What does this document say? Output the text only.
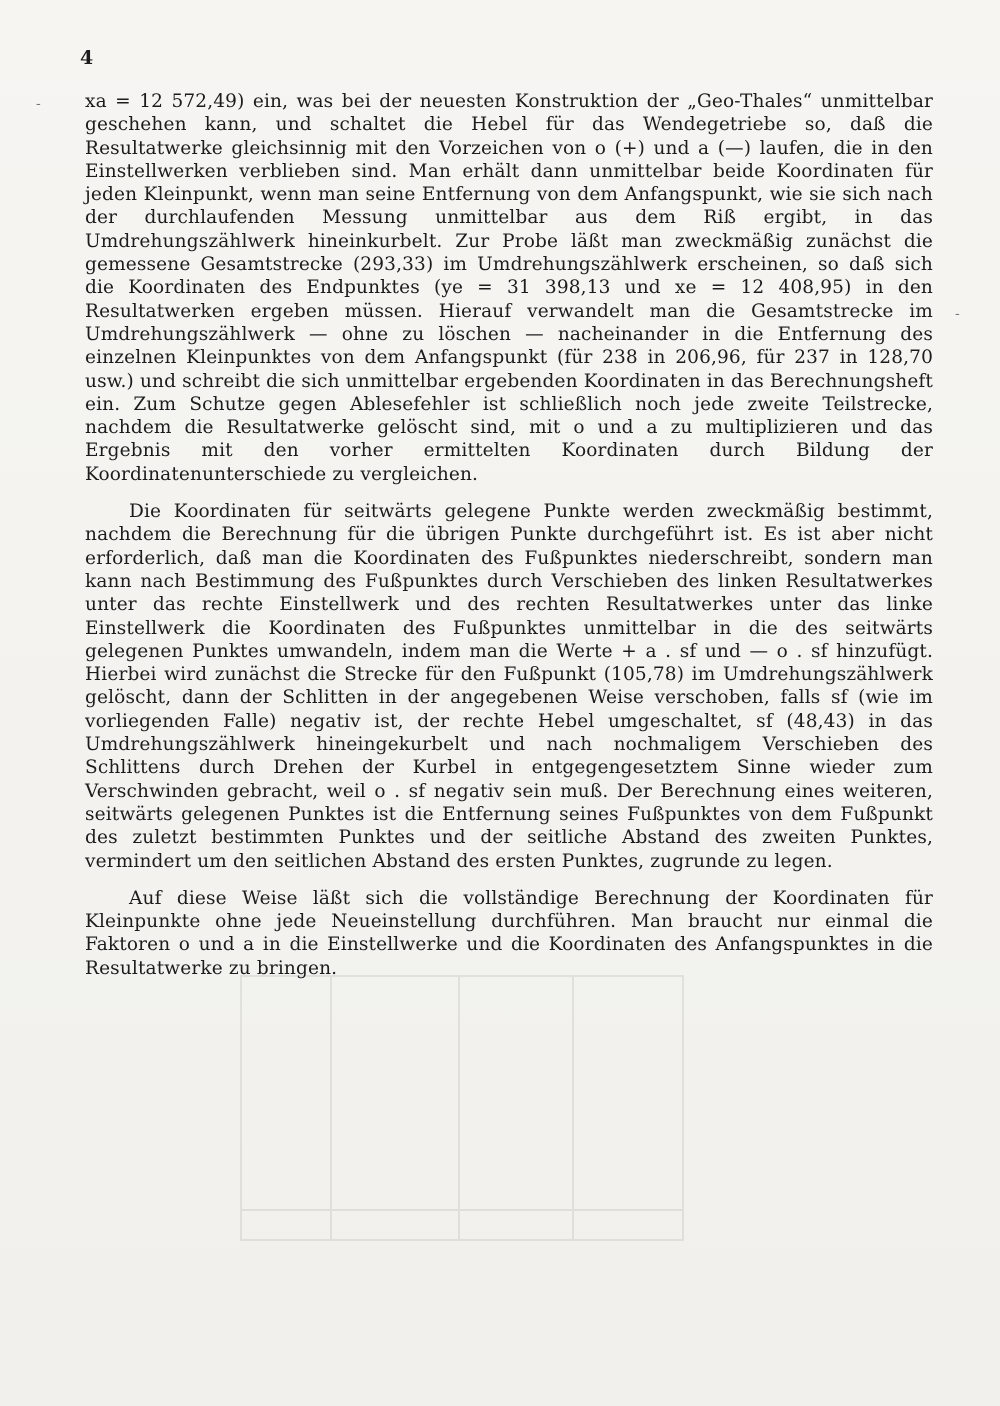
4
-
-

xa = 12 572,49) ein, was bei der neuesten Konstruktion der „Geo-Thales“ unmittelbar geschehen kann, und schaltet die Hebel für das Wendegetriebe so, daß die Resultatwerke gleichsinnig mit den Vorzeichen von o (+) und a (—) laufen, die in den Einstellwerken verblieben sind. Man erhält dann unmittelbar beide Koordinaten für jeden Kleinpunkt, wenn man seine Entfernung von dem Anfangspunkt, wie sie sich nach der durchlaufenden Messung unmittelbar aus dem Riß ergibt, in das Umdrehungszählwerk hineinkurbelt. Zur Probe läßt man zweckmäßig zunächst die gemessene Gesamtstrecke (293,33) im Umdrehungszählwerk erscheinen, so daß sich die Koordinaten des Endpunktes (ye = 31 398,13 und xe = 12 408,95) in den Resultatwerken ergeben müssen. Hierauf verwandelt man die Gesamtstrecke im Umdrehungszählwerk — ohne zu löschen — nacheinander in die Entfernung des einzelnen Kleinpunktes von dem Anfangspunkt (für 238 in 206,96, für 237 in 128,70 usw.) und schreibt die sich unmittelbar ergebenden Koordinaten in das Berechnungsheft ein. Zum Schutze gegen Ablesefehler ist schließlich noch jede zweite Teilstrecke, nachdem die Resultatwerke gelöscht sind, mit o und a zu multiplizieren und das Ergebnis mit den vorher ermittelten Koordinaten durch Bildung der Koordinatenunterschiede zu vergleichen.

Die Koordinaten für seitwärts gelegene Punkte werden zweckmäßig bestimmt, nachdem die Berechnung für die übrigen Punkte durchgeführt ist. Es ist aber nicht erforderlich, daß man die Koordinaten des Fußpunktes niederschreibt, sondern man kann nach Bestimmung des Fußpunktes durch Verschieben des linken Resultatwerkes unter das rechte Einstellwerk und des rechten Resultatwerkes unter das linke Einstellwerk die Koordinaten des Fußpunktes unmittelbar in die des seitwärts gelegenen Punktes umwandeln, indem man die Werte + a . sf und — o . sf hinzufügt. Hierbei wird zunächst die Strecke für den Fußpunkt (105,78) im Umdrehungszählwerk gelöscht, dann der Schlitten in der angegebenen Weise verschoben, falls sf (wie im vorliegenden Falle) negativ ist, der rechte Hebel umgeschaltet, sf (48,43) in das Umdrehungszählwerk hineingekurbelt und nach nochmaligem Verschieben des Schlittens durch Drehen der Kurbel in entgegengesetztem Sinne wieder zum Verschwinden gebracht, weil o . sf negativ sein muß. Der Berechnung eines weiteren, seitwärts gelegenen Punktes ist die Entfernung seines Fußpunktes von dem Fußpunkt des zuletzt bestimmten Punktes und der seitliche Abstand des zweiten Punktes, vermindert um den seitlichen Abstand des ersten Punktes, zugrunde zu legen.

Auf diese Weise läßt sich die vollständige Berechnung der Koordinaten für Kleinpunkte ohne jede Neueinstellung durchführen. Man braucht nur einmal die Faktoren o und a in die Einstellwerke und die Koordinaten des Anfangspunktes in die Resultatwerke zu bringen.
